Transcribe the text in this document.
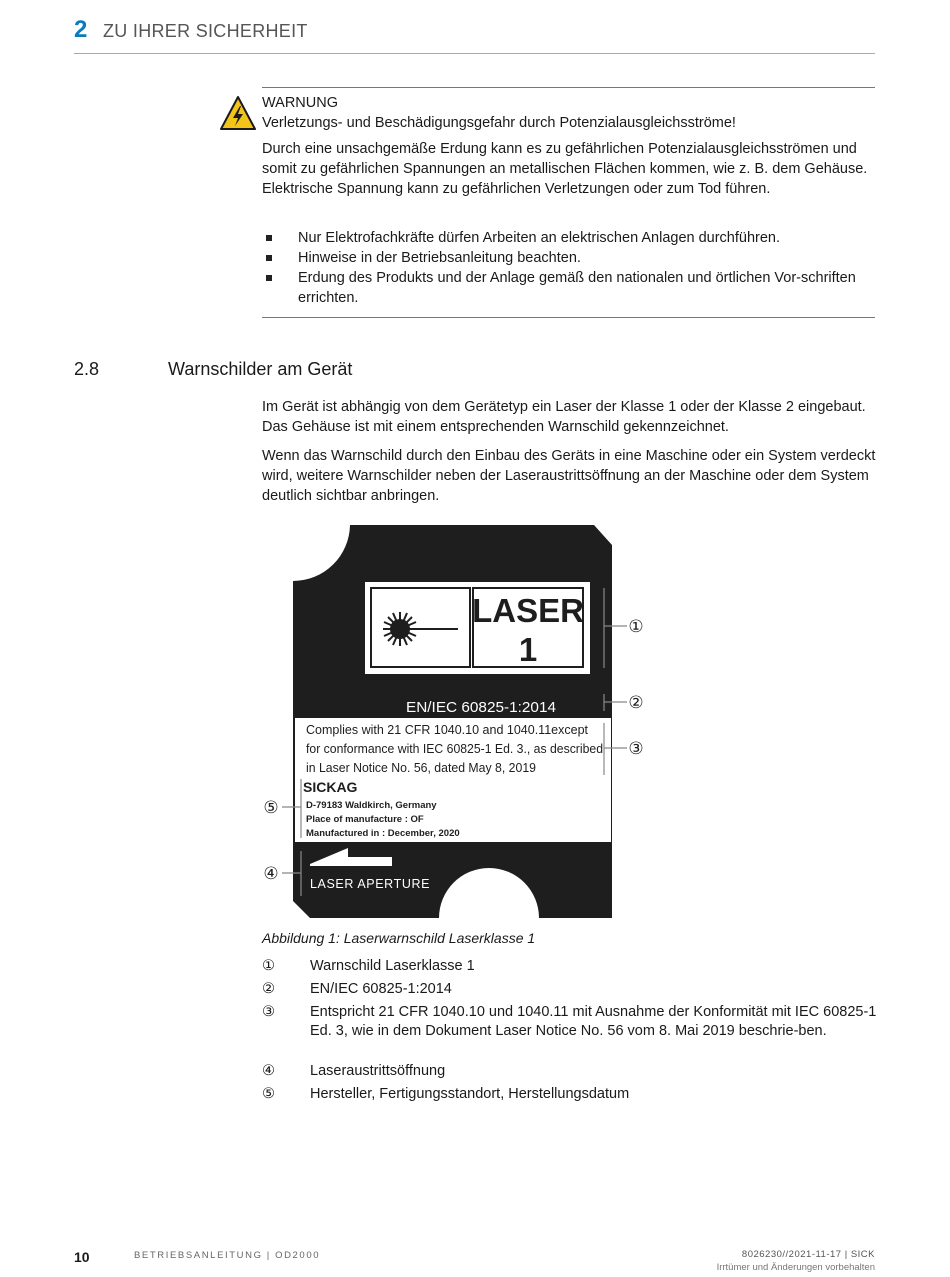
2 ZU IHRER SICHERHEIT
WARNUNG
Verletzungs- und Beschädigungsgefahr durch Potenzialausgleichsströme!
Durch eine unsachgemäße Erdung kann es zu gefährlichen Potenzialausgleichsströmen und somit zu gefährlichen Spannungen an metallischen Flächen kommen, wie z. B. dem Gehäuse. Elektrische Spannung kann zu gefährlichen Verletzungen oder zum Tod führen.
Nur Elektrofachkräfte dürfen Arbeiten an elektrischen Anlagen durchführen.
Hinweise in der Betriebsanleitung beachten.
Erdung des Produkts und der Anlage gemäß den nationalen und örtlichen Vor-schriften errichten.
2.8	Warnschilder am Gerät
Im Gerät ist abhängig von dem Gerätetyp ein Laser der Klasse 1 oder der Klasse 2 eingebaut. Das Gehäuse ist mit einem entsprechenden Warnschild gekennzeichnet.
Wenn das Warnschild durch den Einbau des Geräts in eine Maschine oder ein System verdeckt wird, weitere Warnschilder neben der Laseraustrittsöffnung an der Maschine oder dem System deutlich sichtbar anbringen.
LASER
1
EN/IEC 60825-1:2014
Complies with 21 CFR 1040.10 and 1040.11except
for conformance with IEC 60825-1 Ed. 3., as described
in Laser Notice No. 56, dated May 8, 2019
SICKAG
D-79183 Waldkirch, Germany
Place of manufacture : OF
Manufactured in : December, 2020
LASER APERTURE
①
②
③
⑤
④
Abbildung 1: Laserwarnschild Laserklasse 1
① Warnschild Laserklasse 1
② EN/IEC 60825-1:2014
③ Entspricht 21 CFR 1040.10 und 1040.11 mit Ausnahme der Konformität mit IEC 60825-1 Ed. 3, wie in dem Dokument Laser Notice No. 56 vom 8. Mai 2019 beschrie-ben.
④ Laseraustrittsöffnung
⑤ Hersteller, Fertigungsstandort, Herstellungsdatum
10	BETRIEBSANLEITUNG | OD2000	8026230//2021-11-17 | SICK
Irrtümer und Änderungen vorbehalten
